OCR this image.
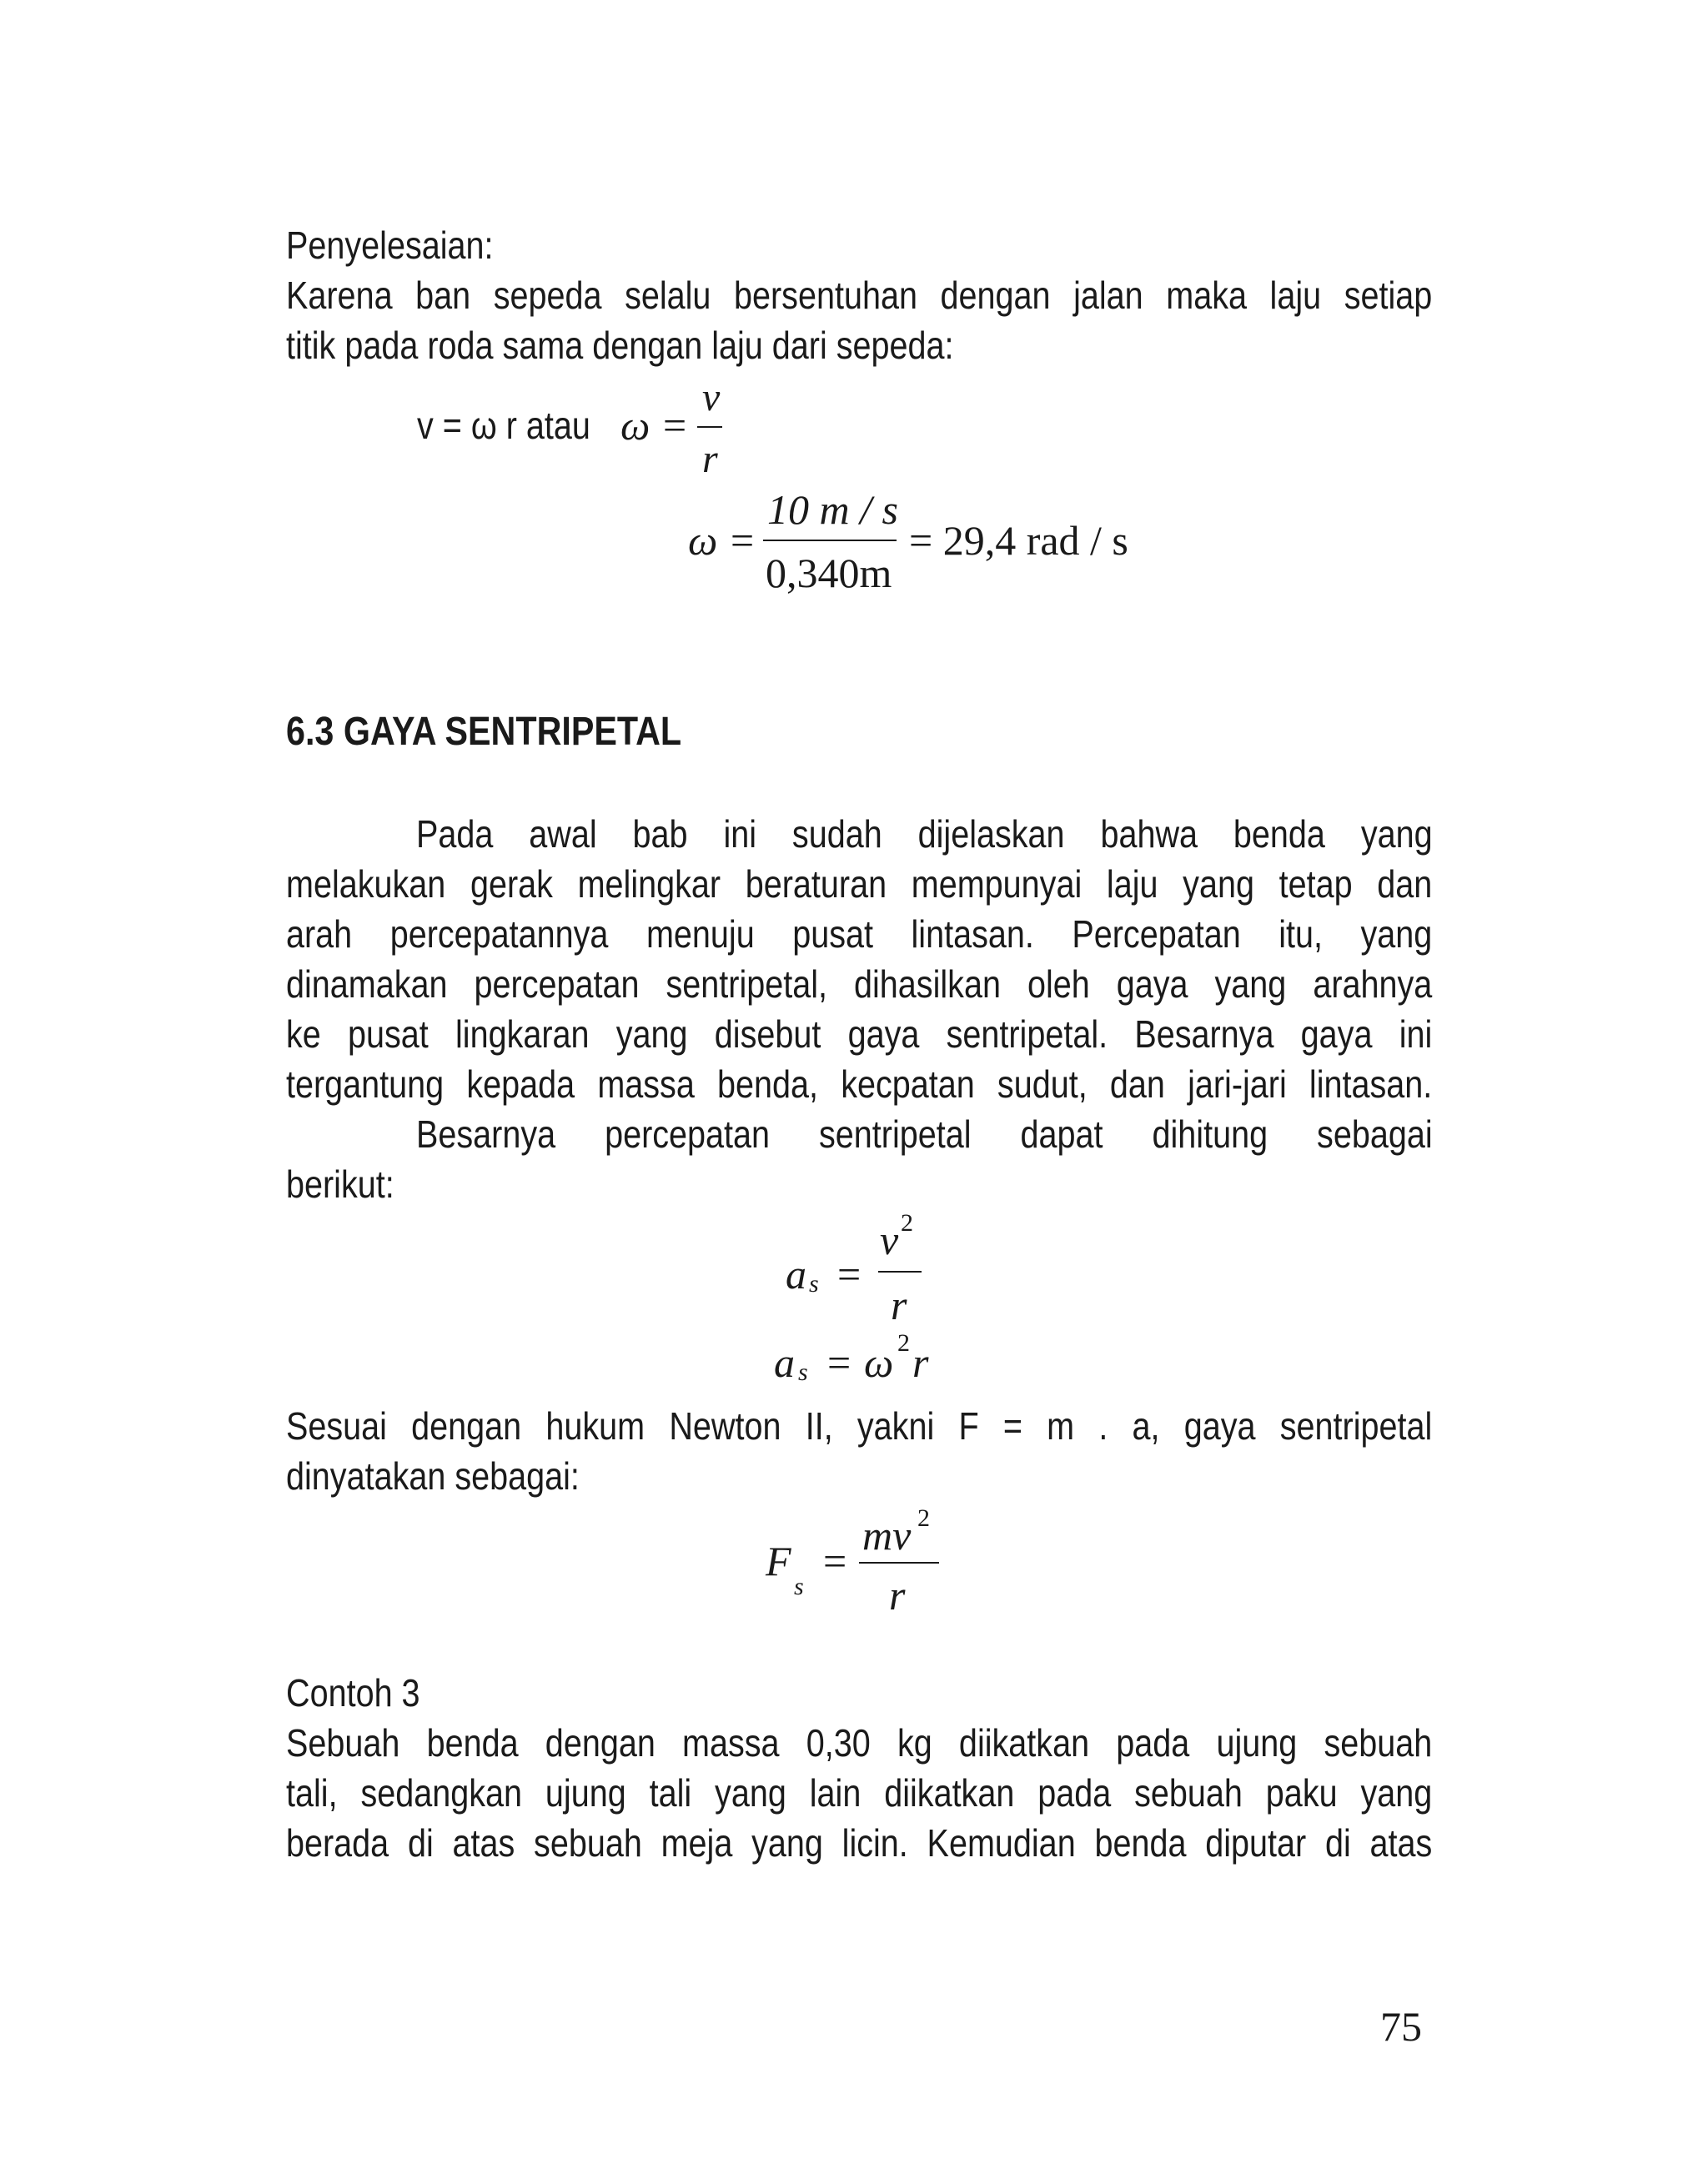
Penyelesaian:
Karena ban sepeda selalu bersentuhan dengan jalan maka laju setiap
titik pada roda sama dengan laju dari sepeda:
v = ω r atau ω =
v
r
ω =
10 m / s
0,340m
= 29,4 rad / s
6.3 GAYA SENTRIPETAL
Pada awal bab ini sudah dijelaskan bahwa benda yang
melakukan gerak melingkar beraturan mempunyai laju yang tetap dan
arah percepatannya menuju pusat lintasan. Percepatan itu, yang
dinamakan percepatan sentripetal, dihasilkan oleh gaya yang arahnya
ke pusat lingkaran yang disebut gaya sentripetal. Besarnya gaya ini
tergantung kepada massa benda, kecpatan sudut, dan jari-jari lintasan.
Besarnya percepatan sentripetal dapat dihitung sebagai
berikut:
a s =
v 2
r
a s = ω 2 r
Sesuai dengan hukum Newton II, yakni F = m . a, gaya sentripetal
dinyatakan sebagai:
F
s
=
mv 2
r
Contoh 3
Sebuah benda dengan massa 0,30 kg diikatkan pada ujung sebuah
tali, sedangkan ujung tali yang lain diikatkan pada sebuah paku yang
berada di atas sebuah meja yang licin. Kemudian benda diputar di atas
75
